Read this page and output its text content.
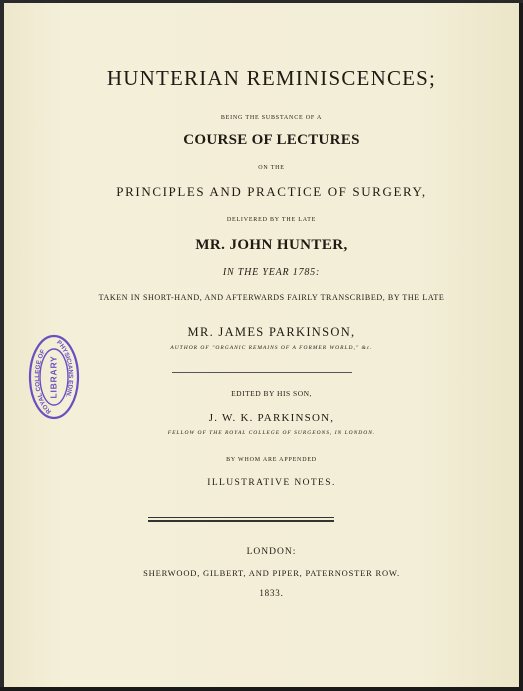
HUNTERIAN REMINISCENCES;
BEING THE SUBSTANCE OF A
COURSE OF LECTURES
ON THE
PRINCIPLES AND PRACTICE OF SURGERY,
DELIVERED BY THE LATE
MR. JOHN HUNTER,
IN THE YEAR 1785:
TAKEN IN SHORT-HAND, AND AFTERWARDS FAIRLY TRANSCRIBED, BY THE LATE
MR. JAMES PARKINSON,
AUTHOR OF "ORGANIC REMAINS OF A FORMER WORLD," &c.
EDITED BY HIS SON,
J. W. K. PARKINSON,
FELLOW OF THE ROYAL COLLEGE OF SURGEONS, IN LONDON.
BY WHOM ARE APPENDED
ILLUSTRATIVE NOTES.
LONDON:
SHERWOOD, GILBERT, AND PIPER, PATERNOSTER ROW.
1833.
ROYAL COLLEGE OF
PHYSICIANS EDIN.
LIBRARY
